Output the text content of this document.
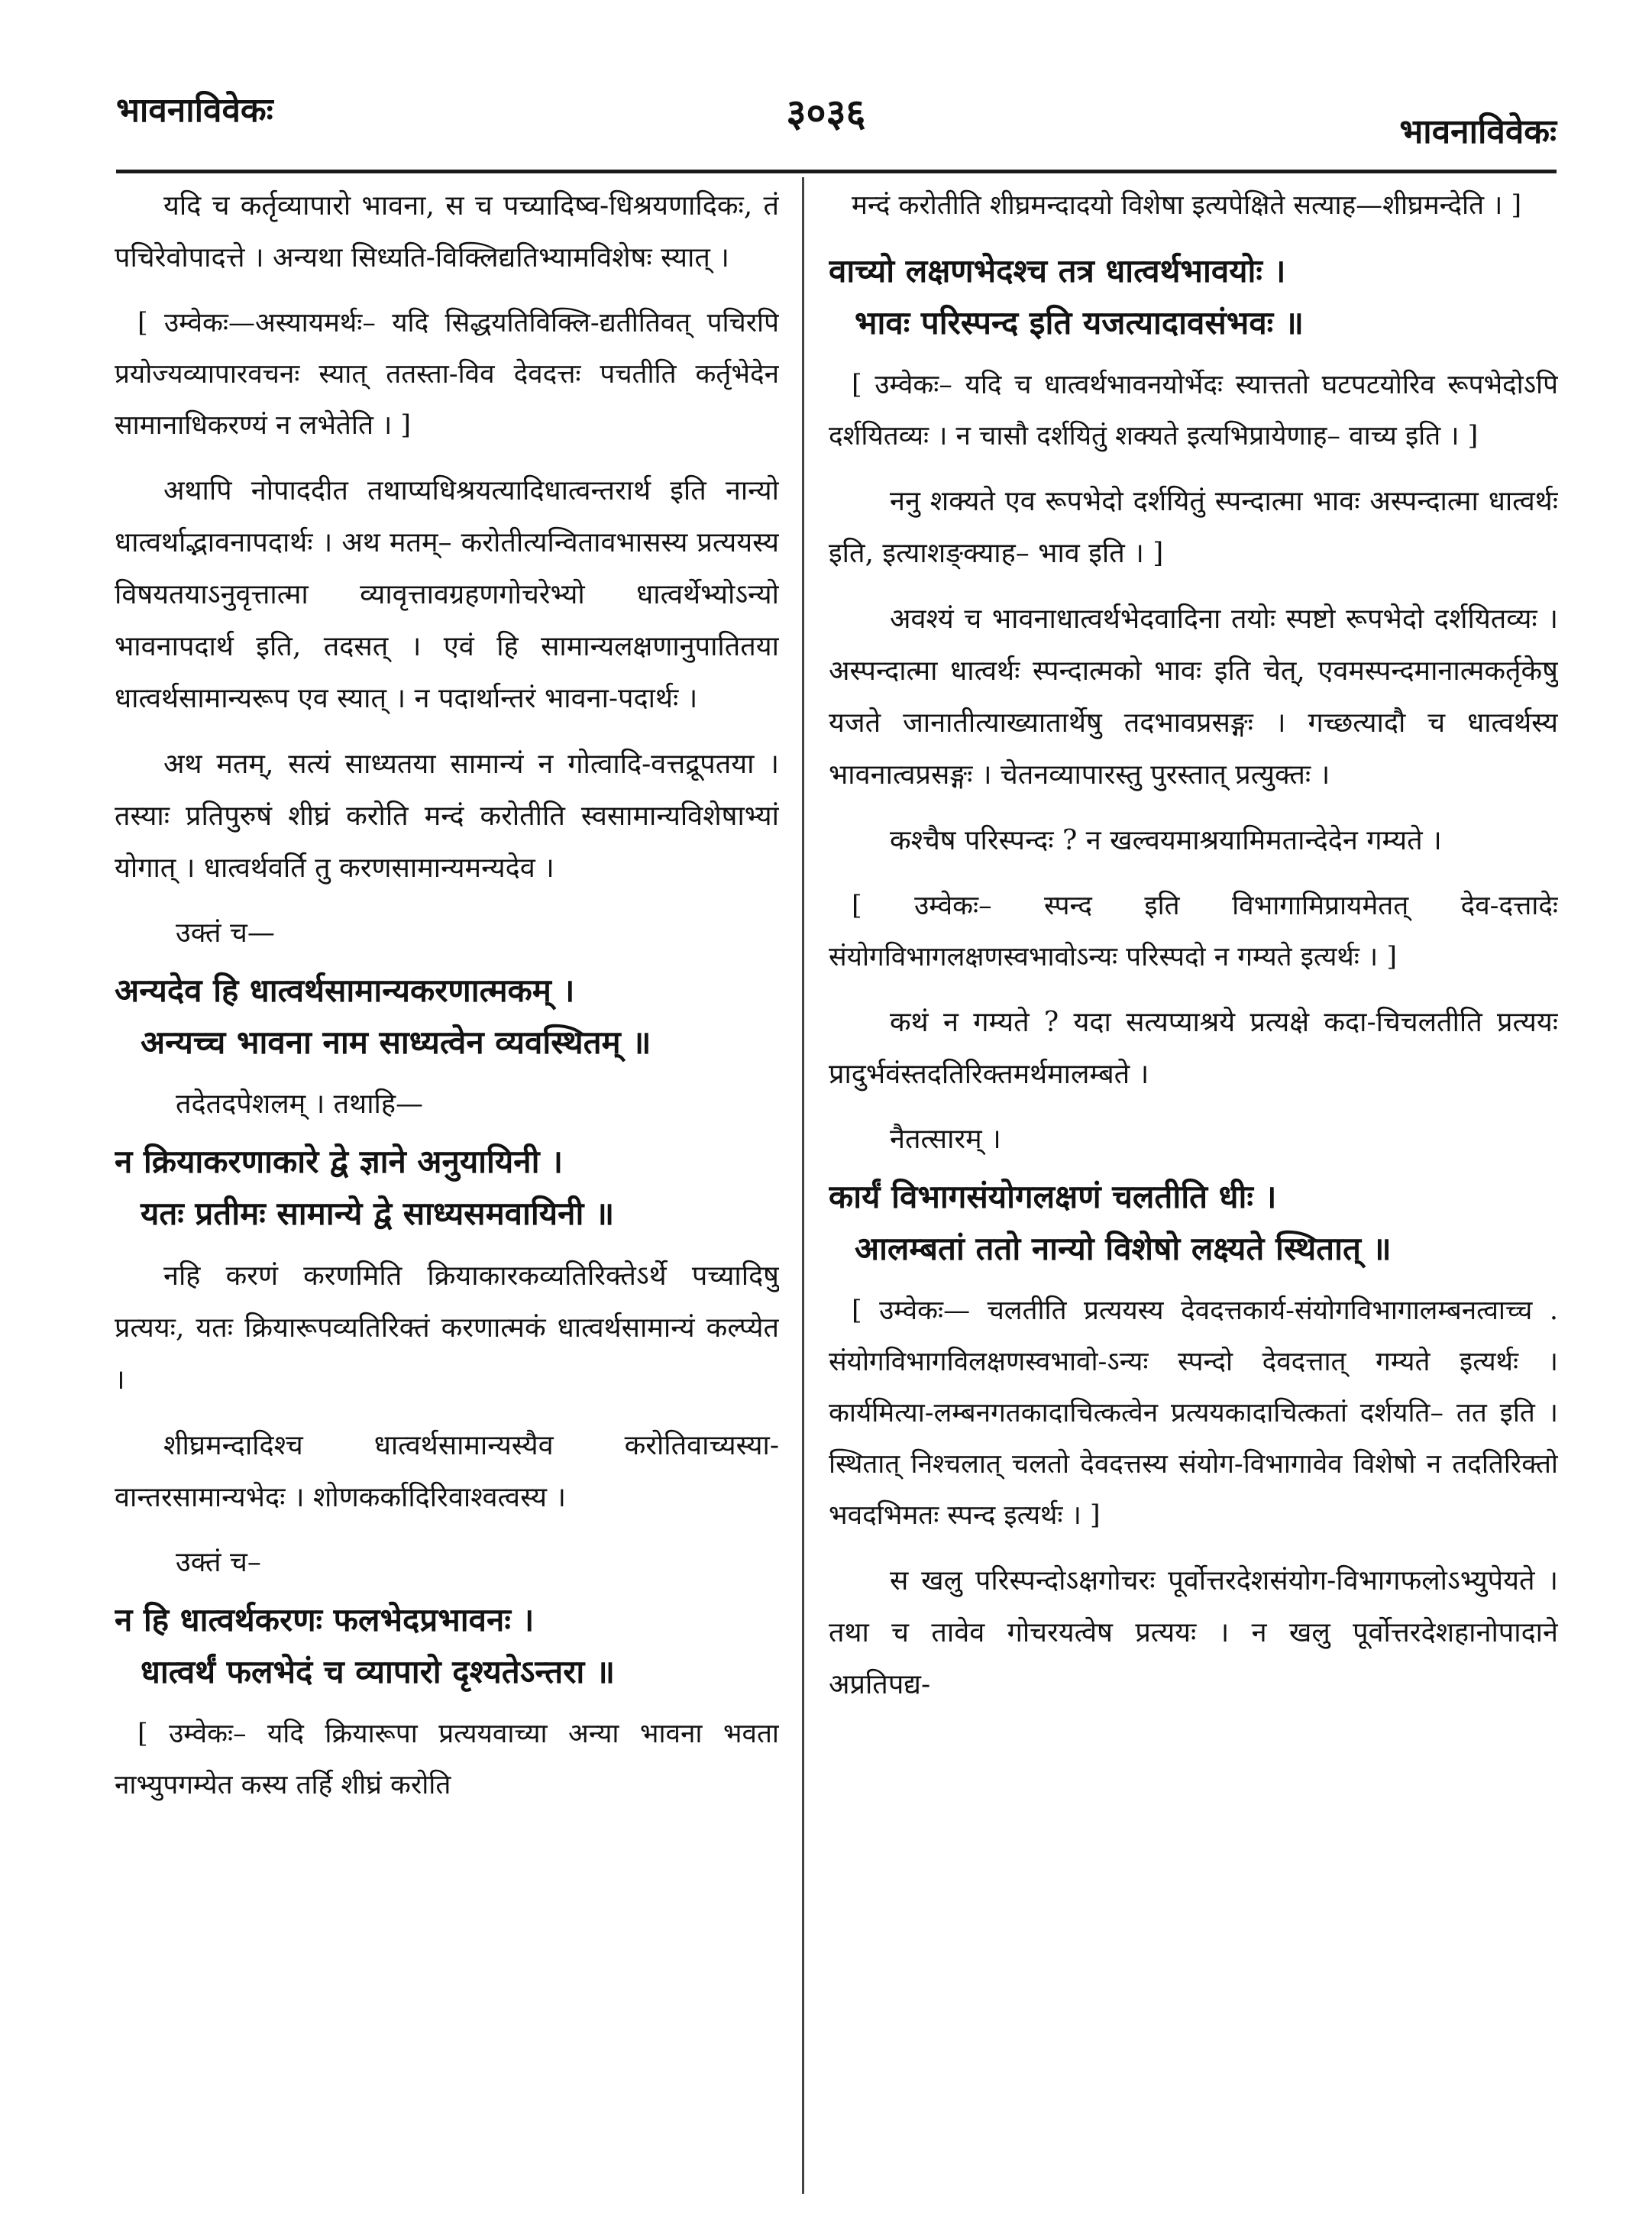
भावनाविवेकः	३०३६	भावनाविवेकः
यदि च कर्तृव्यापारो भावना, स च पच्यादिष्व-धिश्रयणादिकः, तं पचिरेवोपादत्ते । अन्यथा सिध्यति-विक्लिद्यतिभ्यामविशेषः स्यात् ।
[ उम्वेकः—अस्यायमर्थः– यदि सिद्धयतिविक्लि-द्यतीतिवत् पचिरपि प्रयोज्यव्यापारवचनः स्यात् ततस्ता-विव देवदत्तः पचतीति कर्तृभेदेन सामानाधिकरण्यं न लभेतेति । ]
अथापि नोपाददीत तथाप्यधिश्रयत्यादिधात्वन्तरार्थ इति नान्यो धात्वर्थाद्भावनापदार्थः । अथ मतम्– करोतीत्यन्वितावभासस्य प्रत्ययस्य विषयतयाऽनुवृत्तात्मा व्यावृत्तावग्रहणगोचरेभ्यो धात्वर्थेभ्योऽन्यो भावनापदार्थ इति, तदसत् । एवं हि सामान्यलक्षणानुपातितया धात्वर्थसामान्यरूप एव स्यात् । न पदार्थान्तरं भावना-पदार्थः ।
अथ मतम्, सत्यं साध्यतया सामान्यं न गोत्वादि-वत्तद्रूपतया । तस्याः प्रतिपुरुषं शीघ्रं करोति मन्दं करोतीति स्वसामान्यविशेषाभ्यां योगात् । धात्वर्थवर्ति तु करणसामान्यमन्यदेव ।
उक्तं च—
अन्यदेव हि धात्वर्थसामान्यकरणात्मकम् ।
अन्यच्च भावना नाम साध्यत्वेन व्यवस्थितम् ॥
तदेतदपेशलम् । तथाहि—
न क्रियाकरणाकारे द्वे ज्ञाने अनुयायिनी ।
यतः प्रतीमः सामान्ये द्वे साध्यसमवायिनी ॥
नहि करणं करणमिति क्रियाकारकव्यतिरिक्तेऽर्थे पच्यादिषु प्रत्ययः, यतः क्रियारूपव्यतिरिक्तं करणात्मकं धात्वर्थसामान्यं कल्प्येत ।
शीघ्रमन्दादिश्च धात्वर्थसामान्यस्यैव करोतिवाच्यस्या-वान्तरसामान्यभेदः । शोणकर्कादिरिवाश्वत्वस्य ।
उक्तं च–
न हि धात्वर्थकरणः फलभेदप्रभावनः ।
धात्वर्थं फलभेदं च व्यापारो दृश्यतेऽन्तरा ॥
[ उम्वेकः– यदि क्रियारूपा प्रत्ययवाच्या अन्या भावना भवता नाभ्युपगम्येत कस्य तर्हि शीघ्रं करोति
मन्दं करोतीति शीघ्रमन्दादयो विशेषा इत्यपेक्षिते सत्याह—शीघ्रमन्देति । ]
वाच्यो लक्षणभेदश्च तत्र धात्वर्थभावयोः ।
भावः परिस्पन्द इति यजत्यादावसंभवः ॥
[ उम्वेकः– यदि च धात्वर्थभावनयोर्भेदः स्यात्ततो घटपटयोरिव रूपभेदोऽपि दर्शयितव्यः । न चासौ दर्शयितुं शक्यते इत्यभिप्रायेणाह– वाच्य इति । ]
ननु शक्यते एव रूपभेदो दर्शयितुं स्पन्दात्मा भावः अस्पन्दात्मा धात्वर्थः इति, इत्याशङ्क्याह– भाव इति । ]
अवश्यं च भावनाधात्वर्थभेदवादिना तयोः स्पष्टो रूपभेदो दर्शयितव्यः । अस्पन्दात्मा धात्वर्थः स्पन्दात्मको भावः इति चेत्, एवमस्पन्दमानात्मकर्तृकेषु यजते जानातीत्याख्यातार्थेषु तदभावप्रसङ्गः । गच्छत्यादौ च धात्वर्थस्य भावनात्वप्रसङ्गः । चेतनव्यापारस्तु पुरस्तात् प्रत्युक्तः ।
कश्चैष परिस्पन्दः ? न खल्वयमाश्रयामिमतान्देदेन गम्यते ।
[ उम्वेकः– स्पन्द इति विभागामिप्रायमेतत् देव-दत्तादेः संयोगविभागलक्षणस्वभावोऽन्यः परिस्पदो न गम्यते इत्यर्थः । ]
कथं न गम्यते ? यदा सत्यप्याश्रये प्रत्यक्षे कदा-चिचलतीति प्रत्ययः प्रादुर्भवंस्तदतिरिक्तमर्थमालम्बते ।
नैतत्सारम् ।
कार्यं विभागसंयोगलक्षणं चलतीति धीः ।
आलम्बतां ततो नान्यो विशेषो लक्ष्यते स्थितात् ॥
[ उम्वेकः— चलतीति प्रत्ययस्य देवदत्तकार्य-संयोगविभागालम्बनत्वाच्च . संयोगविभागविलक्षणस्वभावो-ऽन्यः स्पन्दो देवदत्तात् गम्यते इत्यर्थः । कार्यमित्या-लम्बनगतकादाचित्कत्वेन प्रत्ययकादाचित्कतां दर्शयति– तत इति । स्थितात् निश्चलात् चलतो देवदत्तस्य संयोग-विभागावेव विशेषो न तदतिरिक्तो भवदभिमतः स्पन्द इत्यर्थः । ]
स खलु परिस्पन्दोऽक्षगोचरः पूर्वोत्तरदेशसंयोग-विभागफलोऽभ्युपेयते । तथा च तावेव गोचरयत्वेष प्रत्ययः । न खलु पूर्वोत्तरदेशहानोपादाने अप्रतिपद्य-
